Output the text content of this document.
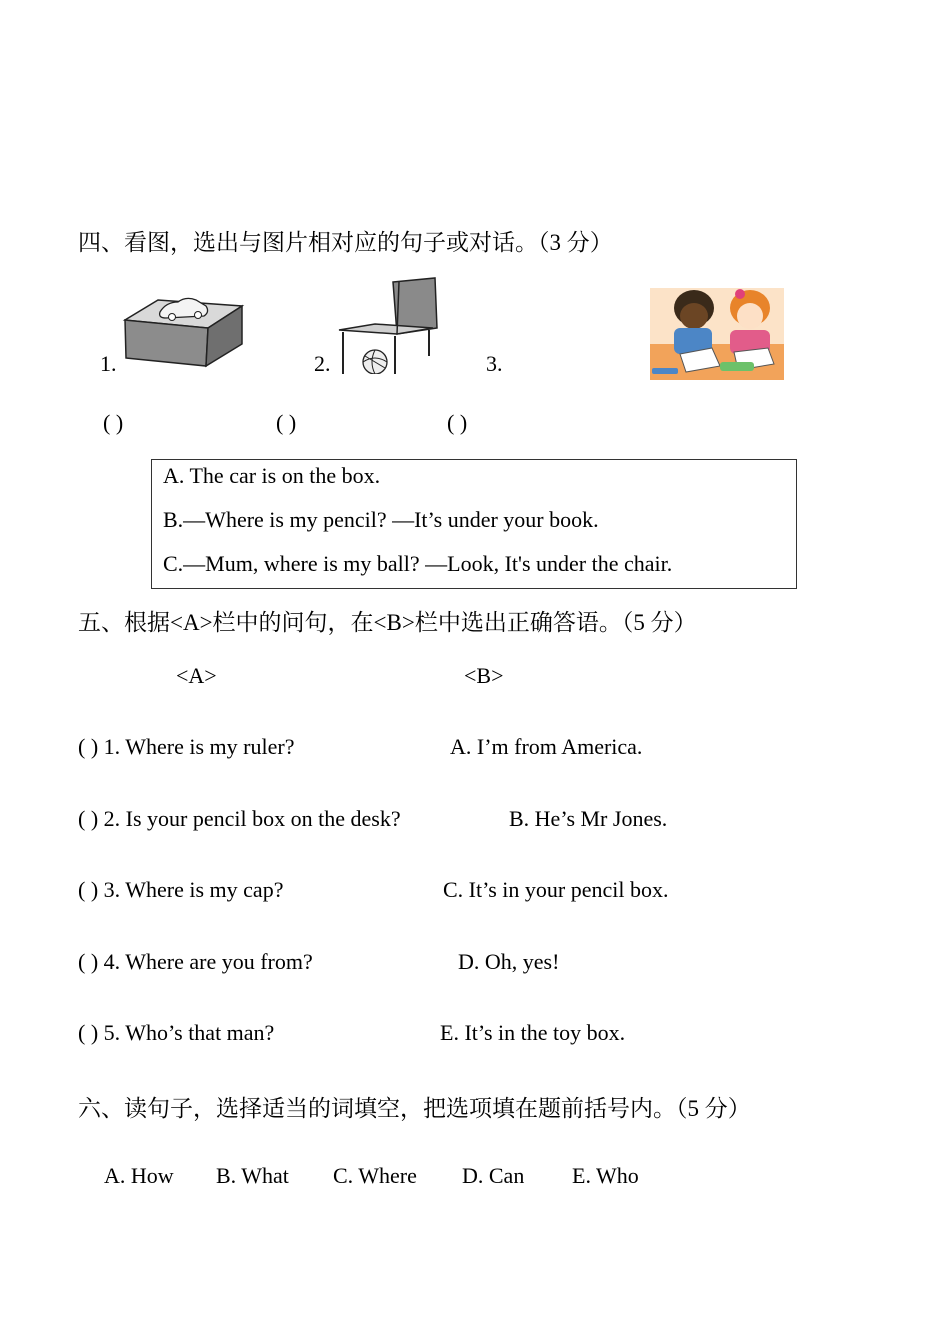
四、看图，选出与图片相对应的句子或对话。（3 分）
1.	2.	3.
( )	( )	( )
A. The car is on the box.
B.—Where is my pencil? —It’s under your book.
C.—Mum, where is my ball? —Look, It's under the chair.
五、根据<A>栏中的问句，在<B>栏中选出正确答语。（5 分）
<A>	<B>
( ) 1. Where is my ruler?	A. I’m from America.
( ) 2. Is your pencil box on the desk?	B. He’s Mr Jones.
( ) 3. Where is my cap?	C. It’s in your pencil box.
( ) 4. Where are you from?	D. Oh, yes!
( ) 5. Who’s that man?	E. It’s in the toy box.
六、读句子，选择适当的词填空，把选项填在题前括号内。（5 分）
A. How B. What C. Where D. Can E. Who
